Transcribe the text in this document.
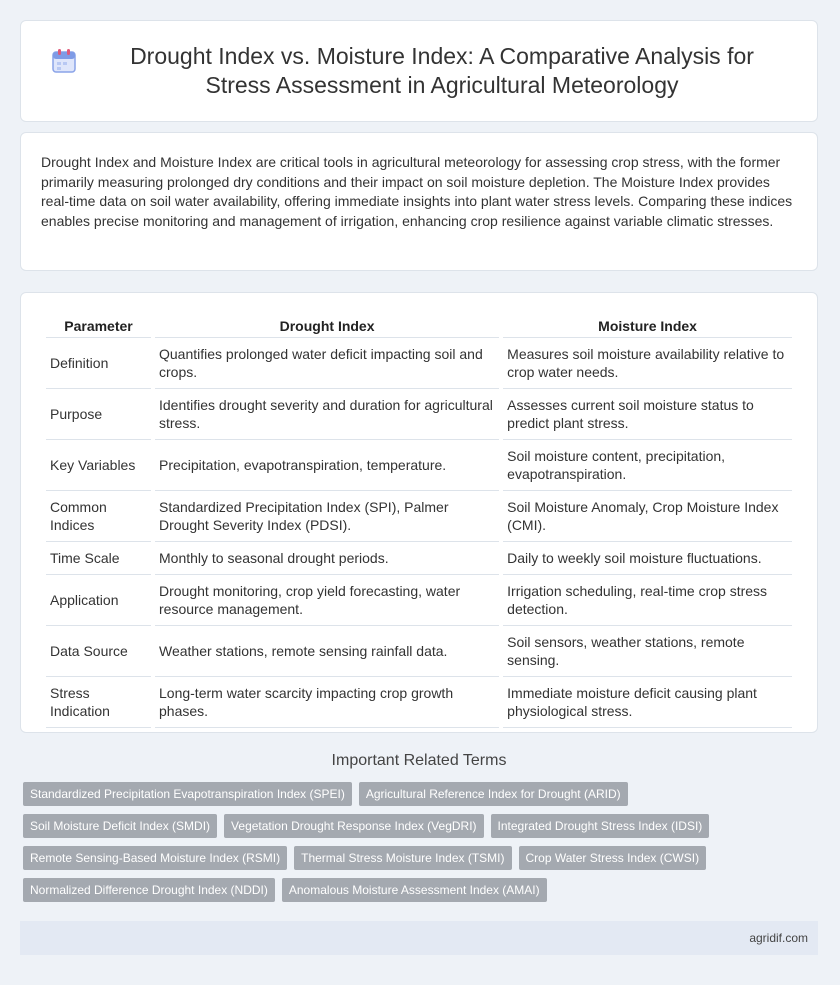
Drought Index vs. Moisture Index: A Comparative Analysis for Stress Assessment in Agricultural Meteorology

Drought Index and Moisture Index are critical tools in agricultural meteorology for assessing crop stress, with the former primarily measuring prolonged dry conditions and their impact on soil moisture depletion. The Moisture Index provides real-time data on soil water availability, offering immediate insights into plant water stress levels. Comparing these indices enables precise monitoring and management of irrigation, enhancing crop resilience against variable climatic stresses.

Parameter	Drought Index	Moisture Index
Definition	Quantifies prolonged water deficit impacting soil and crops.	Measures soil moisture availability relative to crop water needs.
Purpose	Identifies drought severity and duration for agricultural stress.	Assesses current soil moisture status to predict plant stress.
Key Variables	Precipitation, evapotranspiration, temperature.	Soil moisture content, precipitation, evapotranspiration.
Common Indices	Standardized Precipitation Index (SPI), Palmer Drought Severity Index (PDSI).	Soil Moisture Anomaly, Crop Moisture Index (CMI).
Time Scale	Monthly to seasonal drought periods.	Daily to weekly soil moisture fluctuations.
Application	Drought monitoring, crop yield forecasting, water resource management.	Irrigation scheduling, real-time crop stress detection.
Data Source	Weather stations, remote sensing rainfall data.	Soil sensors, weather stations, remote sensing.
Stress Indication	Long-term water scarcity impacting crop growth phases.	Immediate moisture deficit causing plant physiological stress.
Important Related Terms
Standardized Precipitation Evapotranspiration Index (SPEI)	Agricultural Reference Index for Drought (ARID)
Soil Moisture Deficit Index (SMDI)	Vegetation Drought Response Index (VegDRI)	Integrated Drought Stress Index (IDSI)
Remote Sensing-Based Moisture Index (RSMI)	Thermal Stress Moisture Index (TSMI)	Crop Water Stress Index (CWSI)
Normalized Difference Drought Index (NDDI)	Anomalous Moisture Assessment Index (AMAI)
agridif.com
